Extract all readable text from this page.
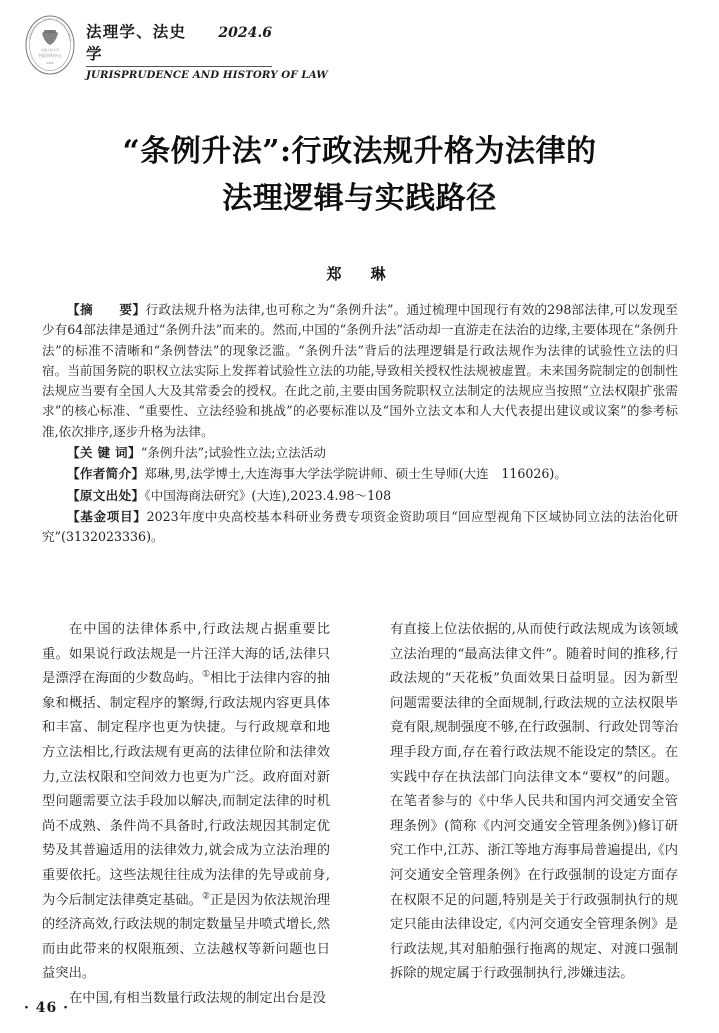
中国人民大学
书报资料中心
1958
INTERNATIONAL CENTER FOR SOCIAL SCIENCE 法理学、法史学
2024.6
JURISPRUDENCE AND HISTORY OF LAW
“条例升法”:行政法规升格为法律的
法理逻辑与实践路径
郑　琳
【摘　　要】行政法规升格为法律,也可称之为“条例升法”。通过梳理中国现行有效的298部法律,可以发现至少有64部法律是通过“条例升法”而来的。然而,中国的“条例升法”活动却一直游走在法治的边缘,主要体现在“条例升法”的标准不清晰和“条例替法”的现象泛滥。“条例升法”背后的法理逻辑是行政法规作为法律的试验性立法的归宿。当前国务院的职权立法实际上发挥着试验性立法的功能,导致相关授权性法规被虚置。未来国务院制定的创制性法规应当要有全国人大及其常委会的授权。在此之前,主要由国务院职权立法制定的法规应当按照“立法权限扩张需求”的核心标准、“重要性、立法经验和挑战”的必要标准以及“国外立法文本和人大代表提出建议或议案”的参考标准,依次排序,逐步升格为法律。
【关 键 词】“条例升法”;试验性立法;立法活动
【作者简介】郑琳,男,法学博士,大连海事大学法学院讲师、硕士生导师(大连　116026)。
【原文出处】《中国海商法研究》(大连),2023.4.98～108
【基金项目】2023年度中央高校基本科研业务费专项资金资助项目“回应型视角下区域协同立法的法治化研究”(3132023336)。

在中国的法律体系中,行政法规占据重要比重。如果说行政法规是一片汪洋大海的话,法律只是漂浮在海面的少数岛屿。①相比于法律内容的抽象和概括、制定程序的繁缛,行政法规内容更具体和丰富、制定程序也更为快捷。与行政规章和地方立法相比,行政法规有更高的法律位阶和法律效力,立法权限和空间效力也更为广泛。政府面对新型问题需要立法手段加以解决,而制定法律的时机尚不成熟、条件尚不具备时,行政法规因其制定优势及其普遍适用的法律效力,就会成为立法治理的重要依托。这些法规往往成为法律的先导或前身,为今后制定法律奠定基础。②正是因为依法规治理的经济高效,行政法规的制定数量呈井喷式增长,然而由此带来的权限瓶颈、立法越权等新问题也日益突出。

在中国,有相当数量行政法规的制定出台是没

有直接上位法依据的,从而使行政法规成为该领域立法治理的“最高法律文件”。随着时间的推移,行政法规的“天花板”负面效果日益明显。因为新型问题需要法律的全面规制,行政法规的立法权限毕竟有限,规制强度不够,在行政强制、行政处罚等治理手段方面,存在着行政法规不能设定的禁区。在实践中存在执法部门向法律文本“要权”的问题。在笔者参与的《中华人民共和国内河交通安全管理条例》(简称《内河交通安全管理条例》)修订研究工作中,江苏、浙江等地方海事局普遍提出,《内河交通安全管理条例》在行政强制的设定方面存在权限不足的问题,特别是关于行政强制执行的规定只能由法律设定,《内河交通安全管理条例》是行政法规,其对船舶强行拖离的规定、对渡口强制拆除的规定属于行政强制执行,涉嫌违法。

· 46 ·
